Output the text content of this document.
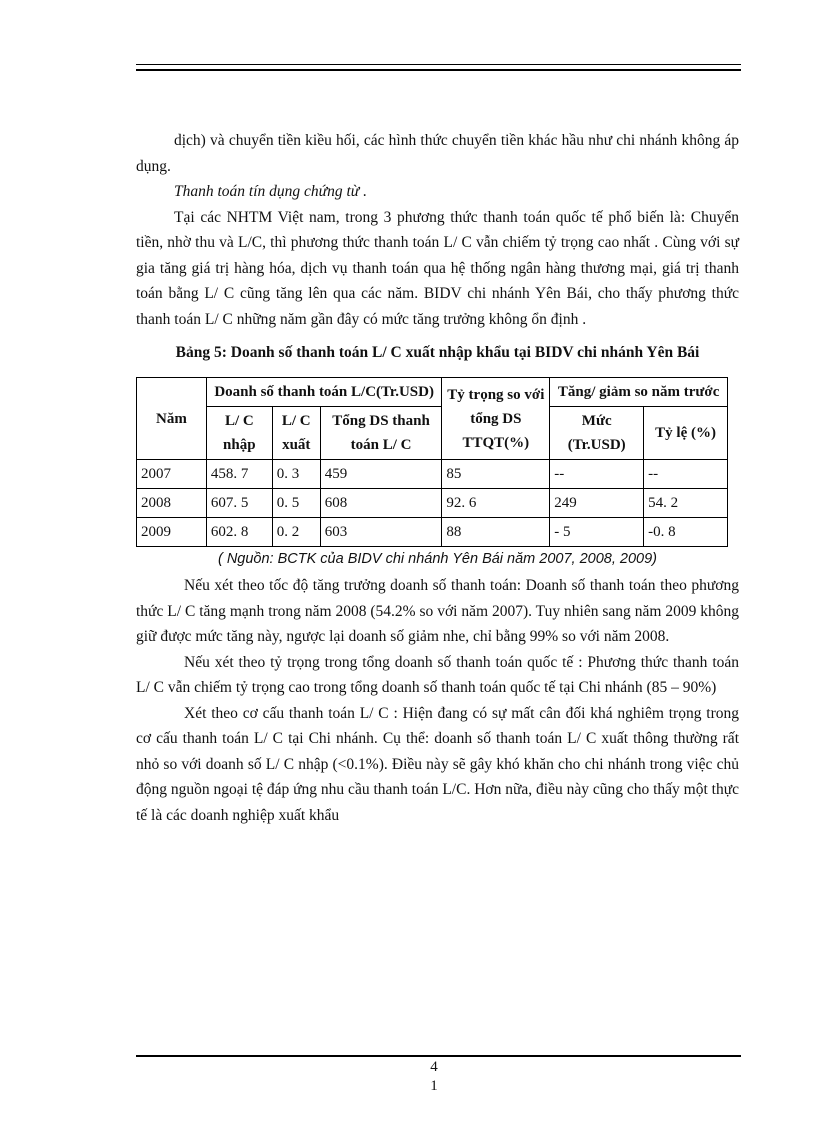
dịch) và chuyển tiền kiều hối, các hình thức chuyển tiền khác hầu như chi nhánh không áp dụng.

Thanh toán tín dụng chứng từ .

Tại các NHTM Việt nam, trong 3 phương thức thanh toán quốc tế phổ biến là: Chuyển tiền, nhờ thu và L/C, thì phương thức thanh toán L/ C vẫn chiếm tỷ trọng cao nhất . Cùng với sự gia tăng giá trị hàng hóa, dịch vụ thanh toán qua hệ thống ngân hàng thương mại, giá trị thanh toán bằng L/ C cũng tăng lên qua các năm. BIDV chi nhánh Yên Bái, cho thấy phương thức thanh toán L/ C những năm gần đây có mức tăng trưởng không ổn định .

Bảng 5: Doanh số thanh toán L/ C xuất nhập khẩu tại BIDV chi nhánh Yên Bái

Năm	Doanh số thanh toán L/C(Tr.USD)			Tỷ trọng so với tổng DS TTQT(%)	Tăng/ giảm so năm trước	
	L/ C nhập	L/ C xuất	Tổng DS thanh toán L/ C		Mức (Tr.USD)	Tỷ lệ (%)
2007	458. 7	0. 3	459	85	--	--
2008	607. 5	0. 5	608	92. 6	249	54. 2
2009	602. 8	0. 2	603	88	- 5	-0. 8

( Nguồn: BCTK của BIDV chi nhánh Yên Bái năm 2007, 2008, 2009)

Nếu xét theo tốc độ tăng trưởng doanh số thanh toán: Doanh số thanh toán theo phương thức L/ C tăng mạnh trong năm 2008 (54.2% so với năm 2007). Tuy nhiên sang năm 2009 không giữ được mức tăng này, ngược lại doanh số giảm nhe, chỉ bằng 99% so với năm 2008.

Nếu xét theo tỷ trọng trong tổng doanh số thanh toán quốc tế : Phương thức thanh toán L/ C vẫn chiếm tỷ trọng cao trong tổng doanh số thanh toán quốc tế tại Chi nhánh (85 – 90%)

Xét theo cơ cấu thanh toán L/ C : Hiện đang có sự mất cân đối khá nghiêm trọng trong cơ cấu thanh toán L/ C tại Chi nhánh. Cụ thể: doanh số thanh toán L/ C xuất thông thường rất nhỏ so với doanh số L/ C nhập (<0.1%). Điều này sẽ gây khó khăn cho chi nhánh trong việc chủ động nguồn ngoại tệ đáp ứng nhu cầu thanh toán L/C. Hơn nữa, điều này cũng cho thấy một thực tế là các doanh nghiệp xuất khẩu

4
1
